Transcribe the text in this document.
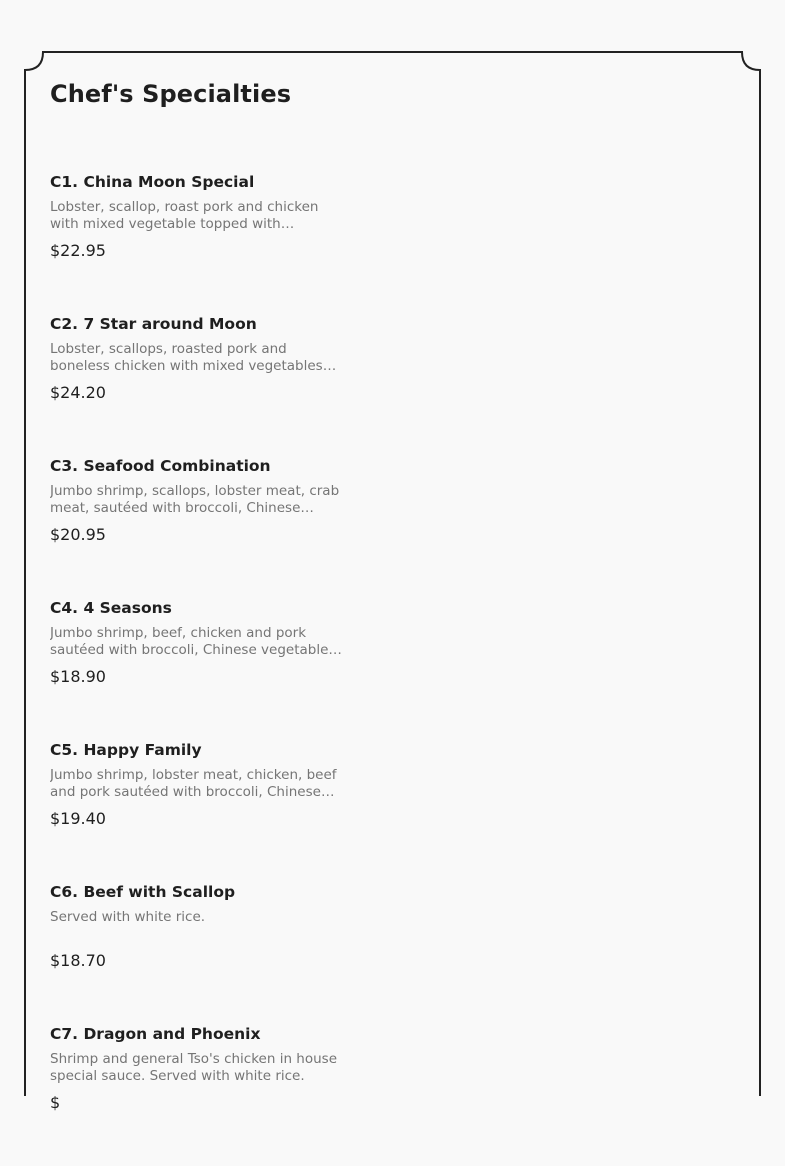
Chef's Specialties
C1. China Moon Special
Lobster, scallop, roast pork and chicken with mixed vegetable topped with…
$22.95
C2. 7 Star around Moon
Lobster, scallops, roasted pork and boneless chicken with mixed vegetables…
$24.20
C3. Seafood Combination
Jumbo shrimp, scallops, lobster meat, crab meat, sautéed with broccoli, Chinese…
$20.95
C4. 4 Seasons
Jumbo shrimp, beef, chicken and pork sautéed with broccoli, Chinese vegetable…
$18.90
C5. Happy Family
Jumbo shrimp, lobster meat, chicken, beef and pork sautéed with broccoli, Chinese…
$19.40
C6. Beef with Scallop
Served with white rice.
$18.70
C7. Dragon and Phoenix
Shrimp and general Tso's chicken in house special sauce. Served with white rice.
$
